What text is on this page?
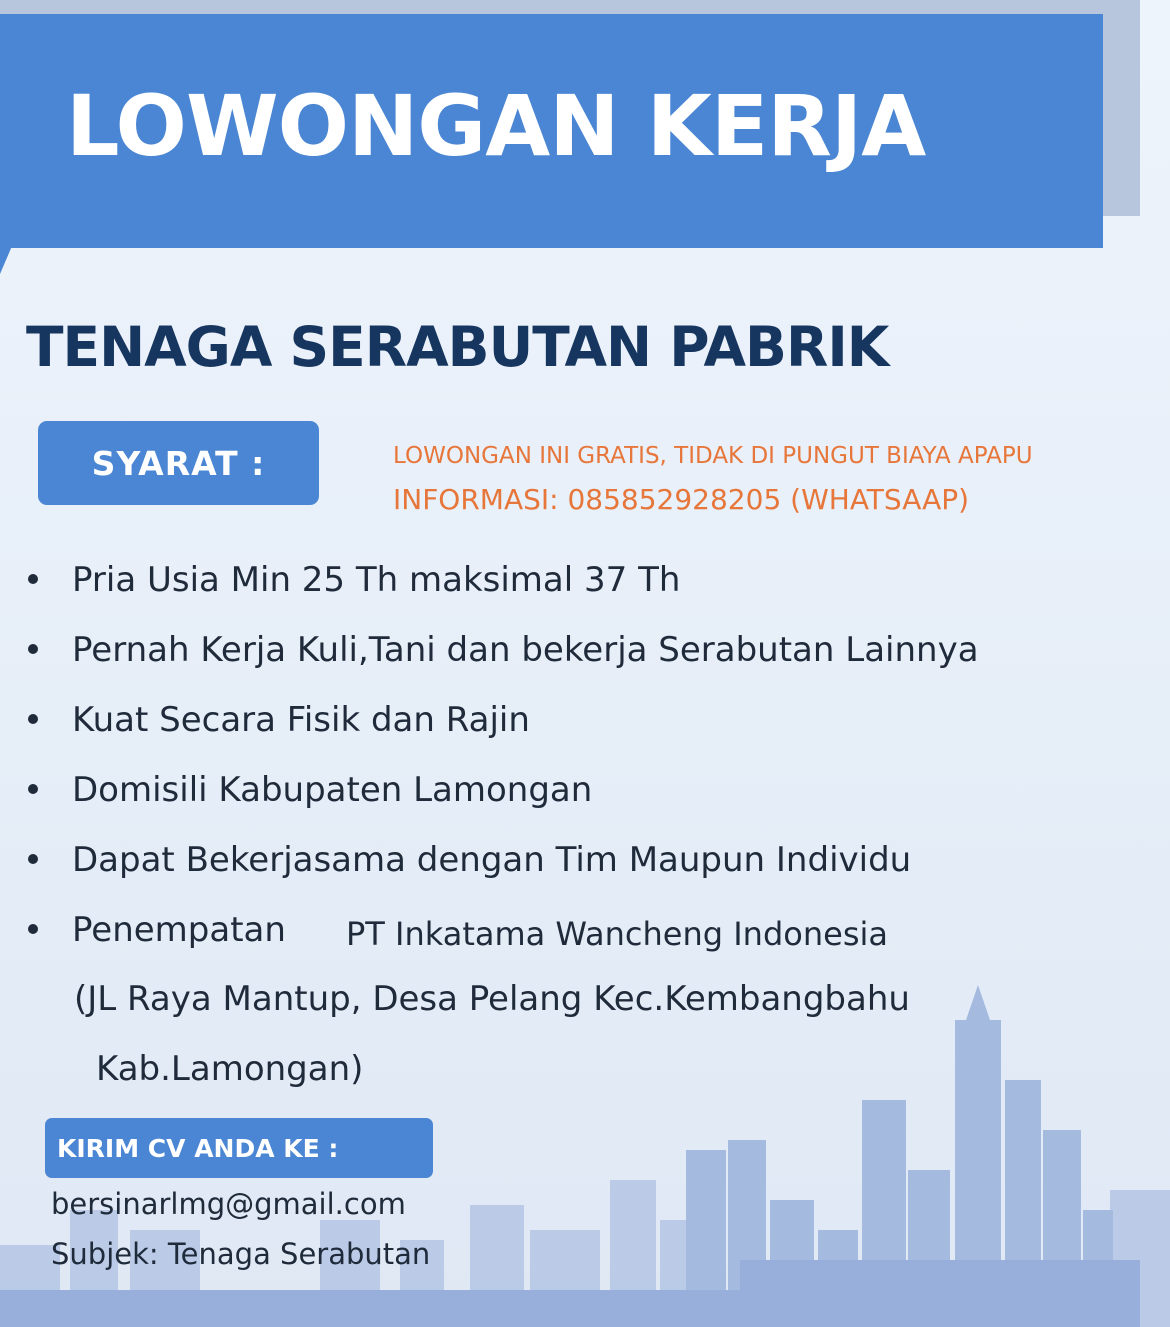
LOWONGAN KERJA
TENAGA SERABUTAN PABRIK
SYARAT :	LOWONGAN INI GRATIS, TIDAK DI PUNGUT BIAYA APAPU
INFORMASI: 085852928205 (WHATSAAP)
Pria Usia Min 25 Th maksimal 37 Th
Pernah Kerja Kuli,Tani dan bekerja Serabutan Lainnya
Kuat Secara Fisik dan Rajin
Domisili Kabupaten Lamongan
Dapat Bekerjasama dengan Tim Maupun Individu
Penempatan PT Inkatama Wancheng Indonesia
(JL Raya Mantup, Desa Pelang Kec.Kembangbahu
Kab.Lamongan)
KIRIM CV ANDA KE :
bersinarlmg@gmail.com
Subjek: Tenaga Serabutan
